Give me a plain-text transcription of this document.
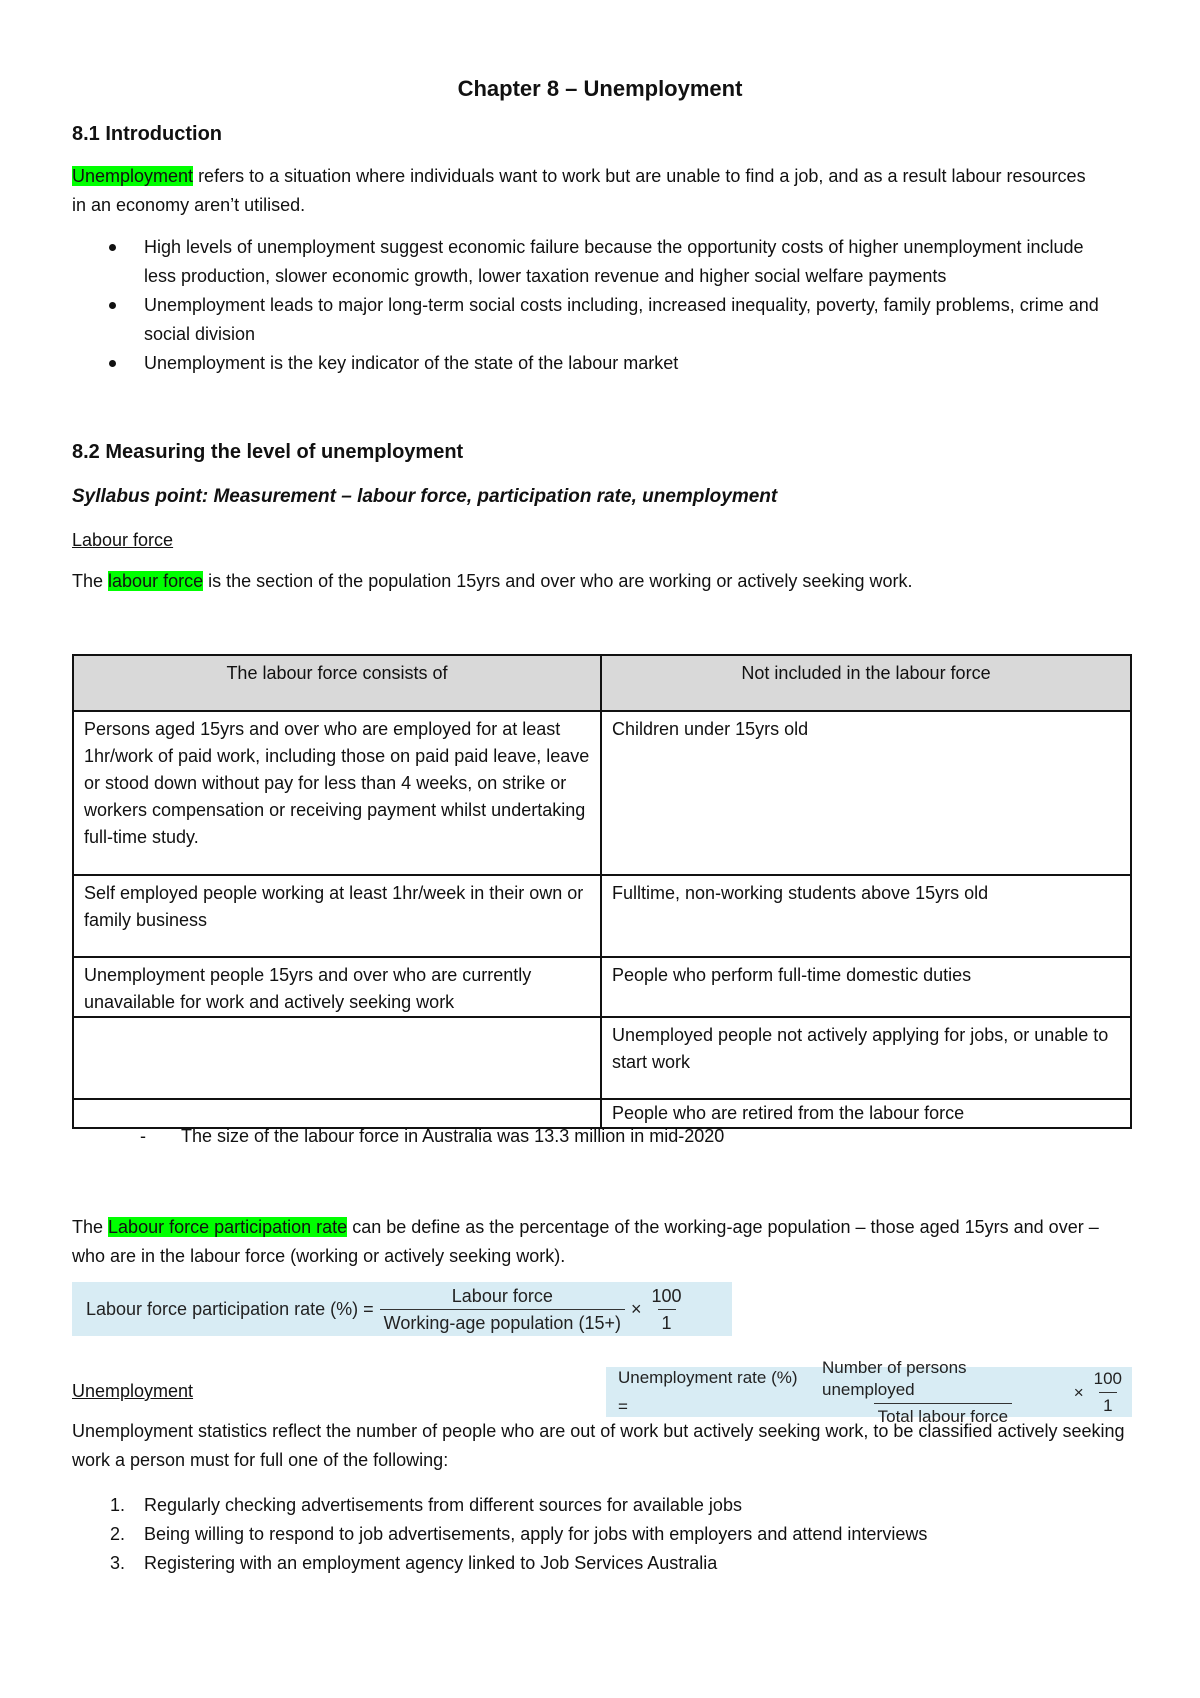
Chapter 8 – Unemployment
8.1 Introduction

Unemployment refers to a situation where individuals want to work but are unable to find a job, and as a result labour resources in an economy aren’t utilised.

High levels of unemployment suggest economic failure because the opportunity costs of higher unemployment include less production, slower economic growth, lower taxation revenue and higher social welfare payments
Unemployment leads to major long-term social costs including, increased inequality, poverty, family problems, crime and social division
Unemployment is the key indicator of the state of the labour market
8.2 Measuring the level of unemployment
Syllabus point: Measurement – labour force, participation rate, unemployment
Labour force

The labour force is the section of the population 15yrs and over who are working or actively seeking work.

The labour force consists of	Not included in the labour force
Persons aged 15yrs and over who are employed for at least 1hr/work of paid work, including those on paid paid leave, leave or stood down without pay for less than 4 weeks, on strike or workers compensation or receiving payment whilst undertaking full-time study.	Children under 15yrs old
Self employed people working at least 1hr/week in their own or family business	Fulltime, non-working students above 15yrs old
Unemployment people 15yrs and over who are currently unavailable for work and actively seeking work	People who perform full-time domestic duties
	Unemployed people not actively applying for jobs, or unable to start work
	People who are retired from the labour force
- The size of the labour force in Australia was 13.3 million in mid-2020

The Labour force participation rate can be define as the percentage of the working-age population – those aged 15yrs and over – who are in the labour force (working or actively seeking work).

Labour force participation rate (%) = $\frac{\text{Labour force}}{\text{Working-age population (15+)}} \times \frac{100}{1}$
Unemployment
Unemployment rate (%) =	$\frac{\text{Number of persons unemployed}}{\text{Total labour force}} \times \frac{100}{1}$

Unemployment statistics reflect the number of people who are out of work but actively seeking work, to be classified actively seeking work a person must for full one of the following:

1. Regularly checking advertisements from different sources for available jobs
2. Being willing to respond to job advertisements, apply for jobs with employers and attend interviews
3. Registering with an employment agency linked to Job Services Australia
